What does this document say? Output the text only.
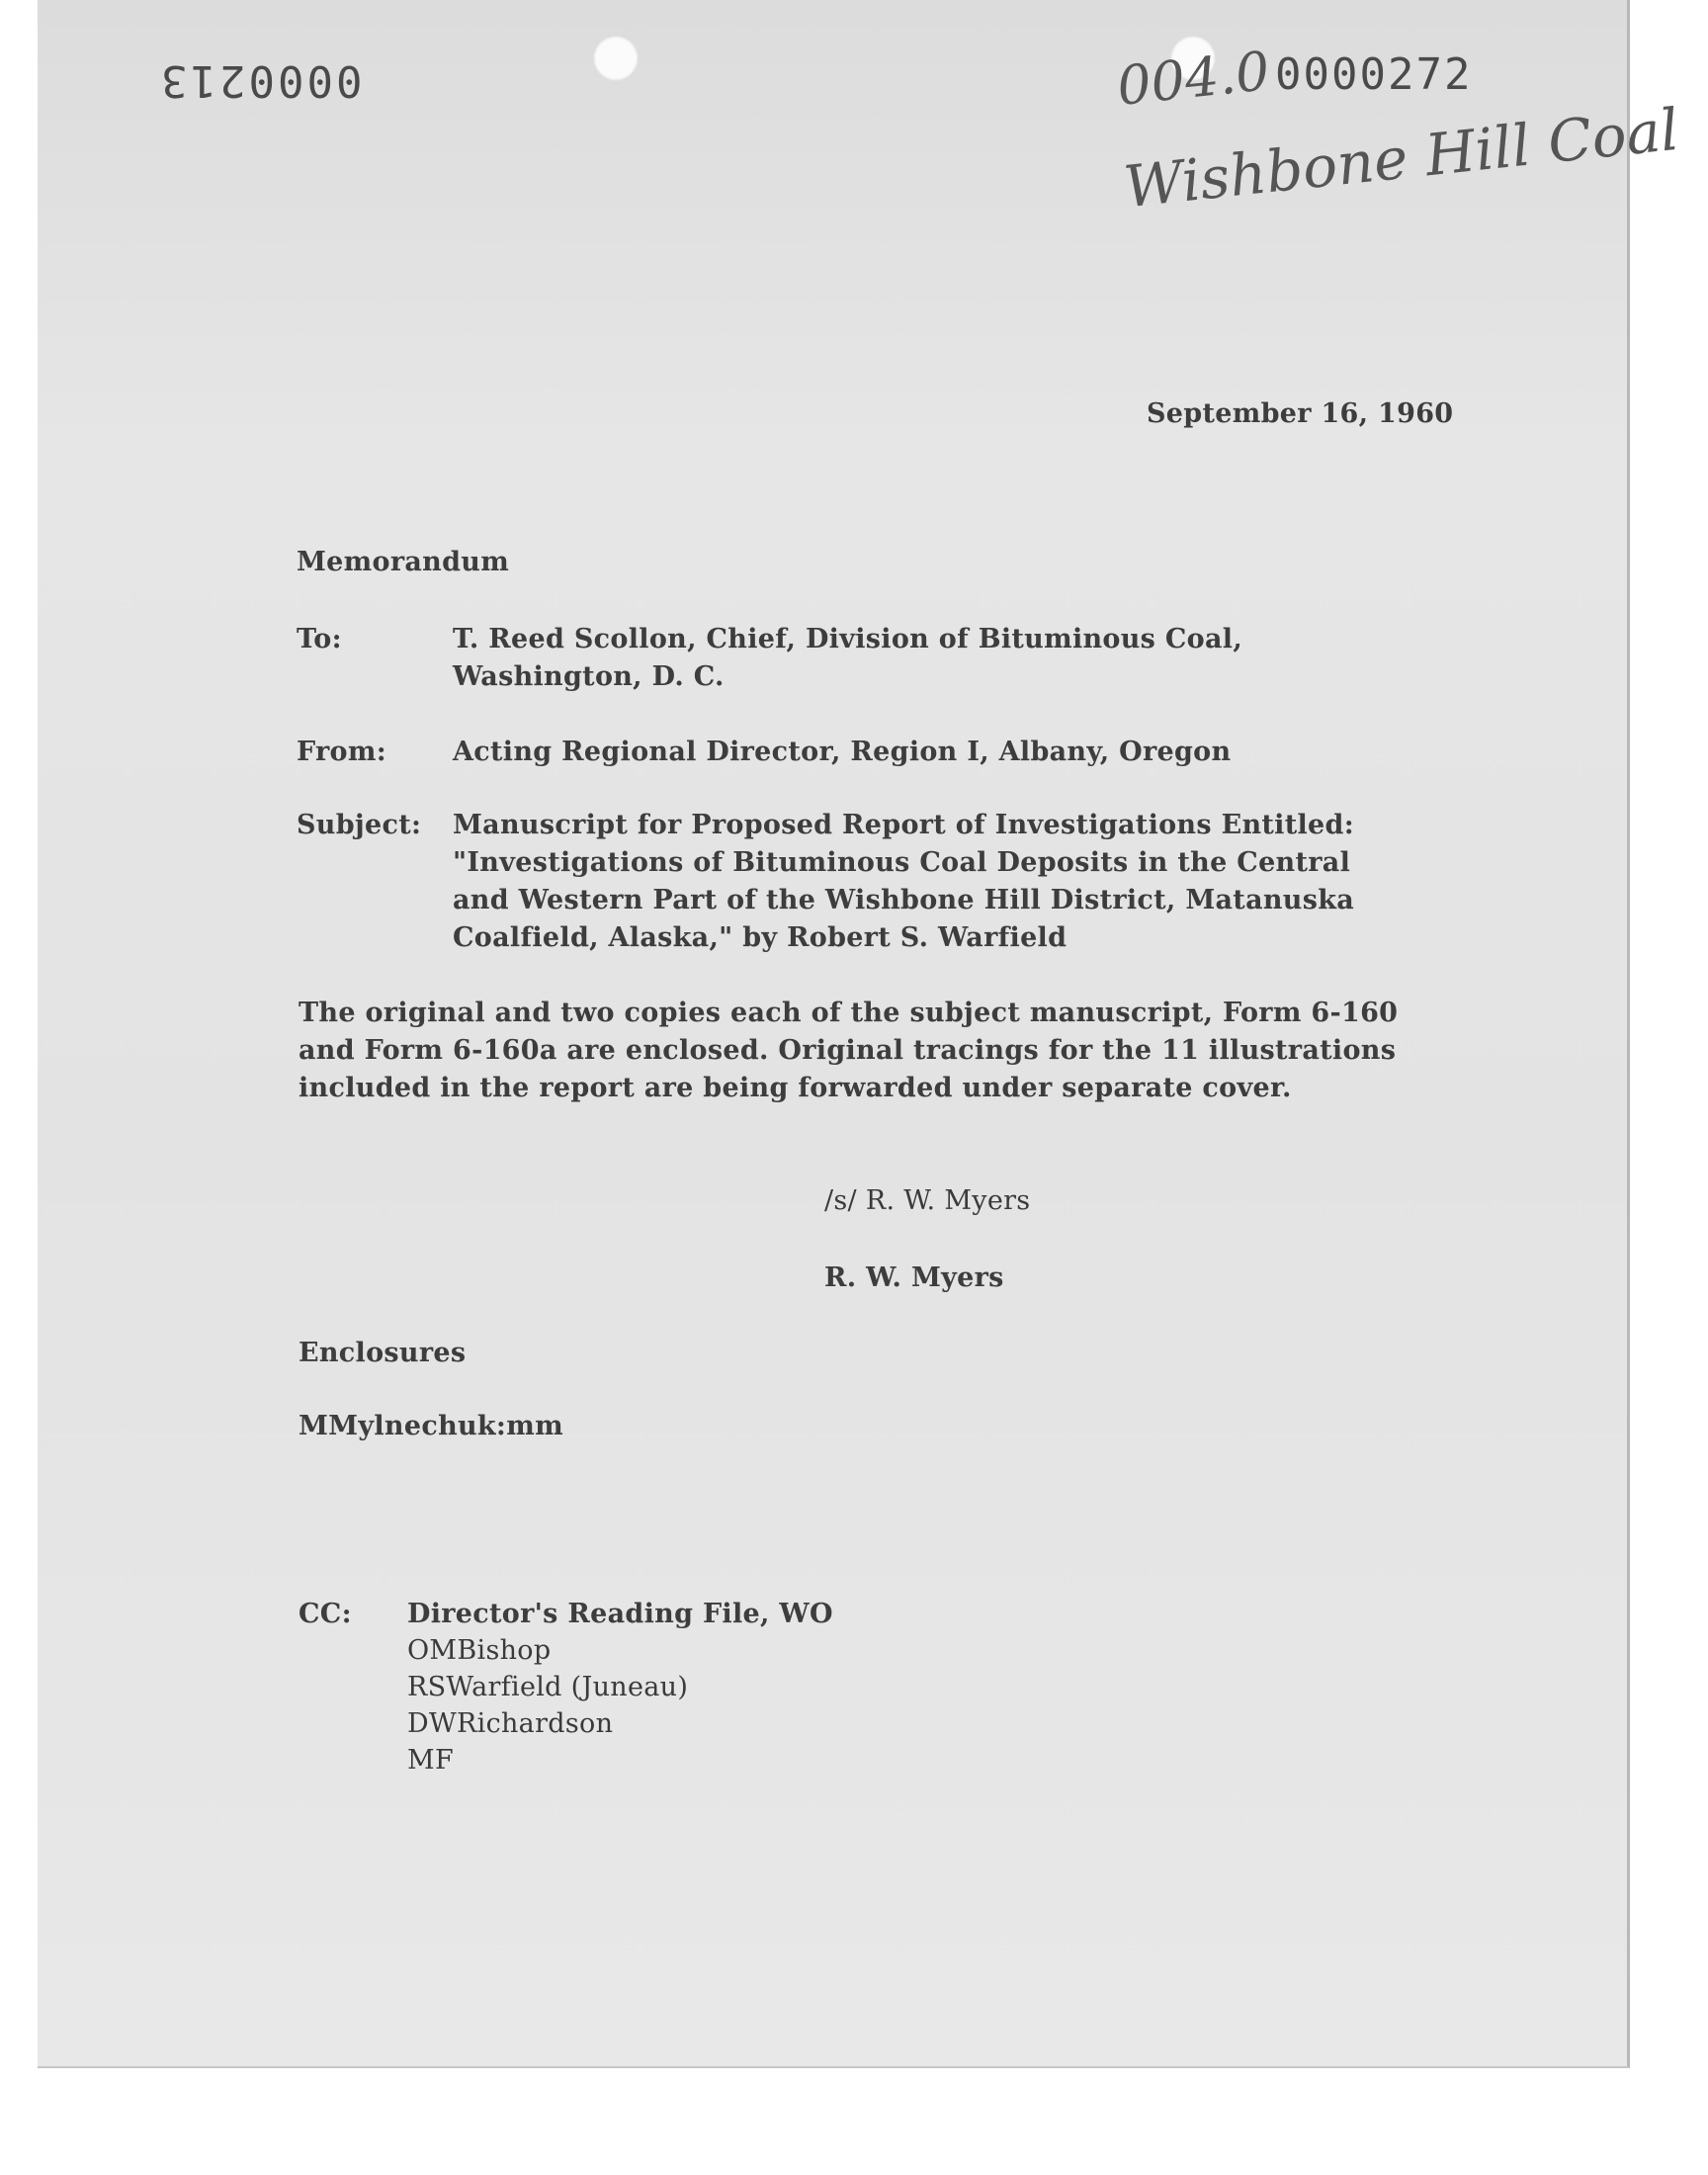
0000213	0000272
004.0
Wishbone Hill Coal
September 16, 1960
Memorandum
To:	T. Reed Scollon, Chief, Division of Bituminous Coal,
Washington, D. C.
From: Acting Regional Director, Region I, Albany, Oregon
Subject: Manuscript for Proposed Report of Investigations Entitled:
"Investigations of Bituminous Coal Deposits in the Central
and Western Part of the Wishbone Hill District, Matanuska
Coalfield, Alaska," by Robert S. Warfield
The original and two copies each of the subject manuscript, Form 6-160
and Form 6-160a are enclosed. Original tracings for the 11 illustrations
included in the report are being forwarded under separate cover.
/s/ R. W. Myers
R. W. Myers
Enclosures
MMylnechuk:mm
CC: Director's Reading File, WO
OMBishop
RSWarfield (Juneau)
DWRichardson
MF
